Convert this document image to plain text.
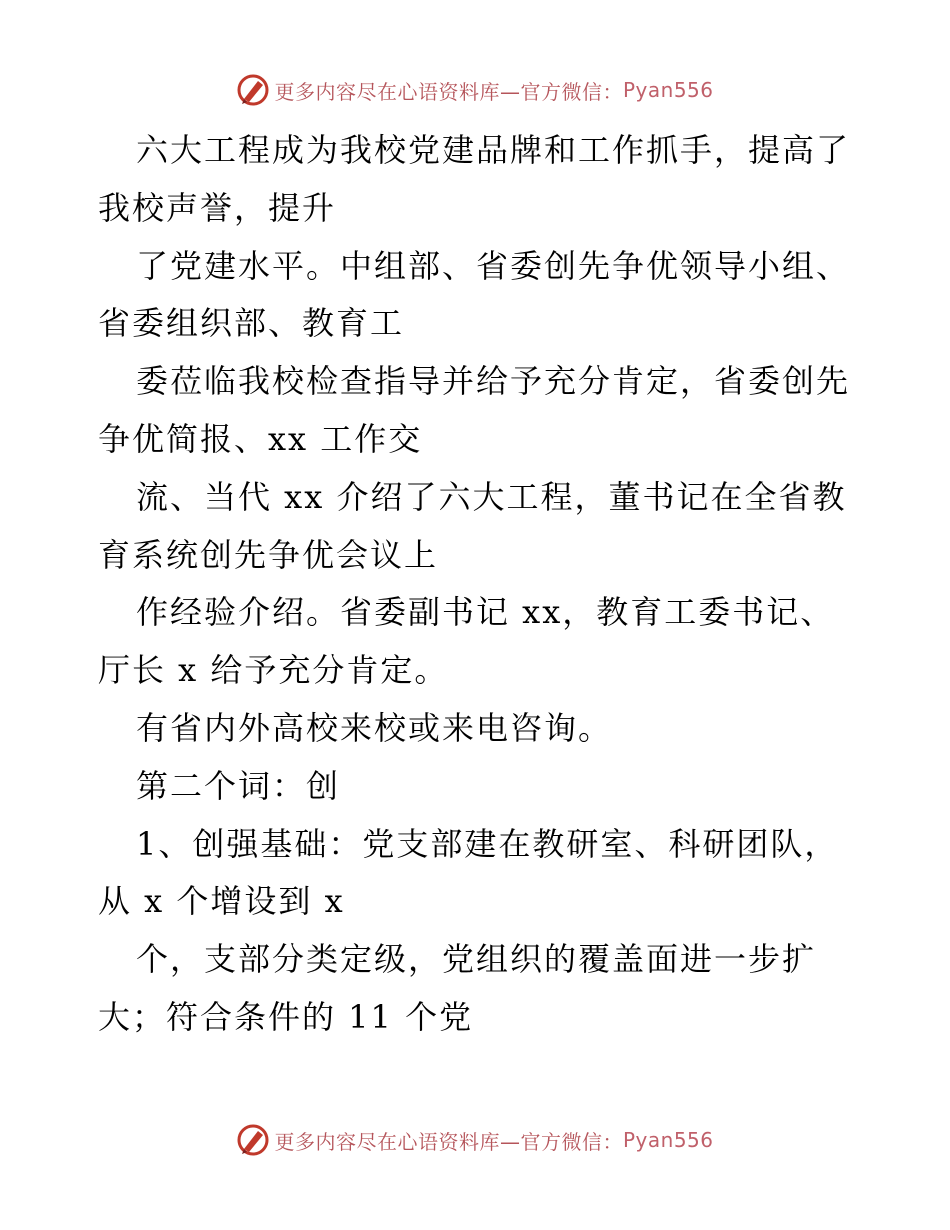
更多内容尽在心语资料库—官方微信： Pyan556
六大工程成为我校党建品牌和工作抓手，提高了
我校声誉，提升
了党建水平。中组部、省委创先争优领导小组、
省委组织部、教育工
委莅临我校检查指导并给予充分肯定，省委创先
争优简报、xx 工作交
流、当代 xx 介绍了六大工程，董书记在全省教
育系统创先争优会议上
作经验介绍。省委副书记 xx，教育工委书记、
厅长 x 给予充分肯定。
有省内外高校来校或来电咨询。
第二个词：创
1、创强基础：党支部建在教研室、科研团队，
从 x 个增设到 x
个，支部分类定级，党组织的覆盖面进一步扩
大；符合条件的 11 个党
更多内容尽在心语资料库—官方微信： Pyan556
